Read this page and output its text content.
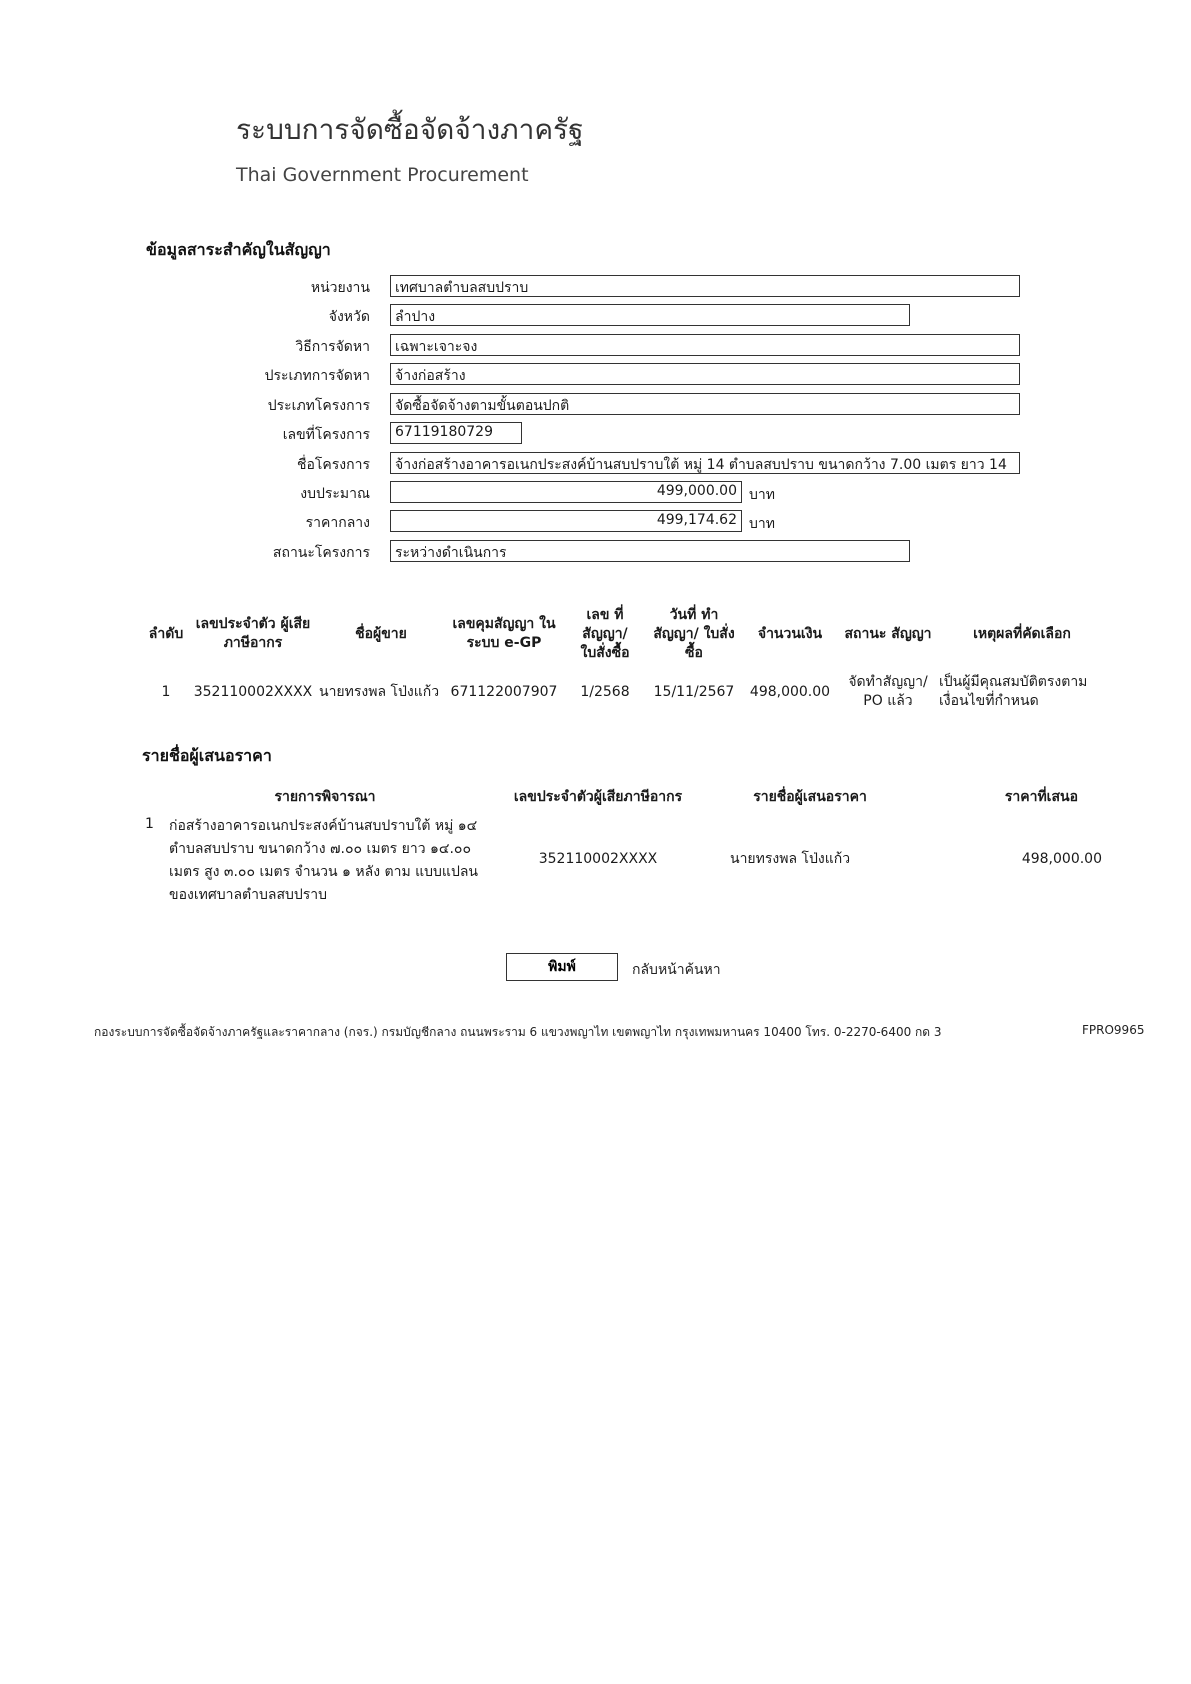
ระบบการจัดซื้อจัดจ้างภาครัฐ
Thai Government Procurement
ข้อมูลสาระสำคัญในสัญญา
หน่วยงาน	เทศบาลตำบลสบปราบ
จังหวัด	ลำปาง
วิธีการจัดหา	เฉพาะเจาะจง
ประเภทการจัดหา	จ้างก่อสร้าง
ประเภทโครงการ	จัดซื้อจัดจ้างตามขั้นตอนปกติ
เลขที่โครงการ	67119180729
ชื่อโครงการ	จ้างก่อสร้างอาคารอเนกประสงค์บ้านสบปราบใต้ หมู่ 14 ตำบลสบปราบ ขนาดกว้าง 7.00 เมตร ยาว 14
งบประมาณ	499,000.00 บาท
ราคากลาง	499,174.62 บาท
สถานะโครงการ	ระหว่างดำเนินการ
ลำดับ	เลขประจำตัว ผู้เสียภาษีอากร	ชื่อผู้ขาย	เลขคุมสัญญา ในระบบ e-GP	เลข ที่สัญญา/ ใบสั่งซื้อ	วันที่ ทำสัญญา/ ใบสั่งซื้อ	จำนวนเงิน	สถานะ สัญญา	เหตุผลที่คัดเลือก
1	352110002XXXX	นายทรงพล โป่งแก้ว	671122007907	1/2568	15/11/2567	498,000.00	จัดทำสัญญา/ PO แล้ว	เป็นผู้มีคุณสมบัติตรงตาม เงื่อนไขที่กำหนด
รายชื่อผู้เสนอราคา
	รายการพิจารณา	เลขประจำตัวผู้เสียภาษีอากร	รายชื่อผู้เสนอราคา	ราคาที่เสนอ
1	ก่อสร้างอาคารอเนกประสงค์บ้านสบปราบใต้ หมู่ ๑๔ ตำบลสบปราบ ขนาดกว้าง ๗.๐๐ เมตร ยาว ๑๔.๐๐ เมตร สูง ๓.๐๐ เมตร จำนวน ๑ หลัง ตาม แบบแปลนของเทศบาลตำบลสบปราบ	352110002XXXX	นายทรงพล โป่งแก้ว	498,000.00
พิมพ์	กลับหน้าค้นหา
กองระบบการจัดซื้อจัดจ้างภาครัฐและราคากลาง (กจร.) กรมบัญชีกลาง ถนนพระราม 6 แขวงพญาไท เขตพญาไท กรุงเทพมหานคร 10400 โทร. 0-2270-6400 กด 3	FPRO9965
